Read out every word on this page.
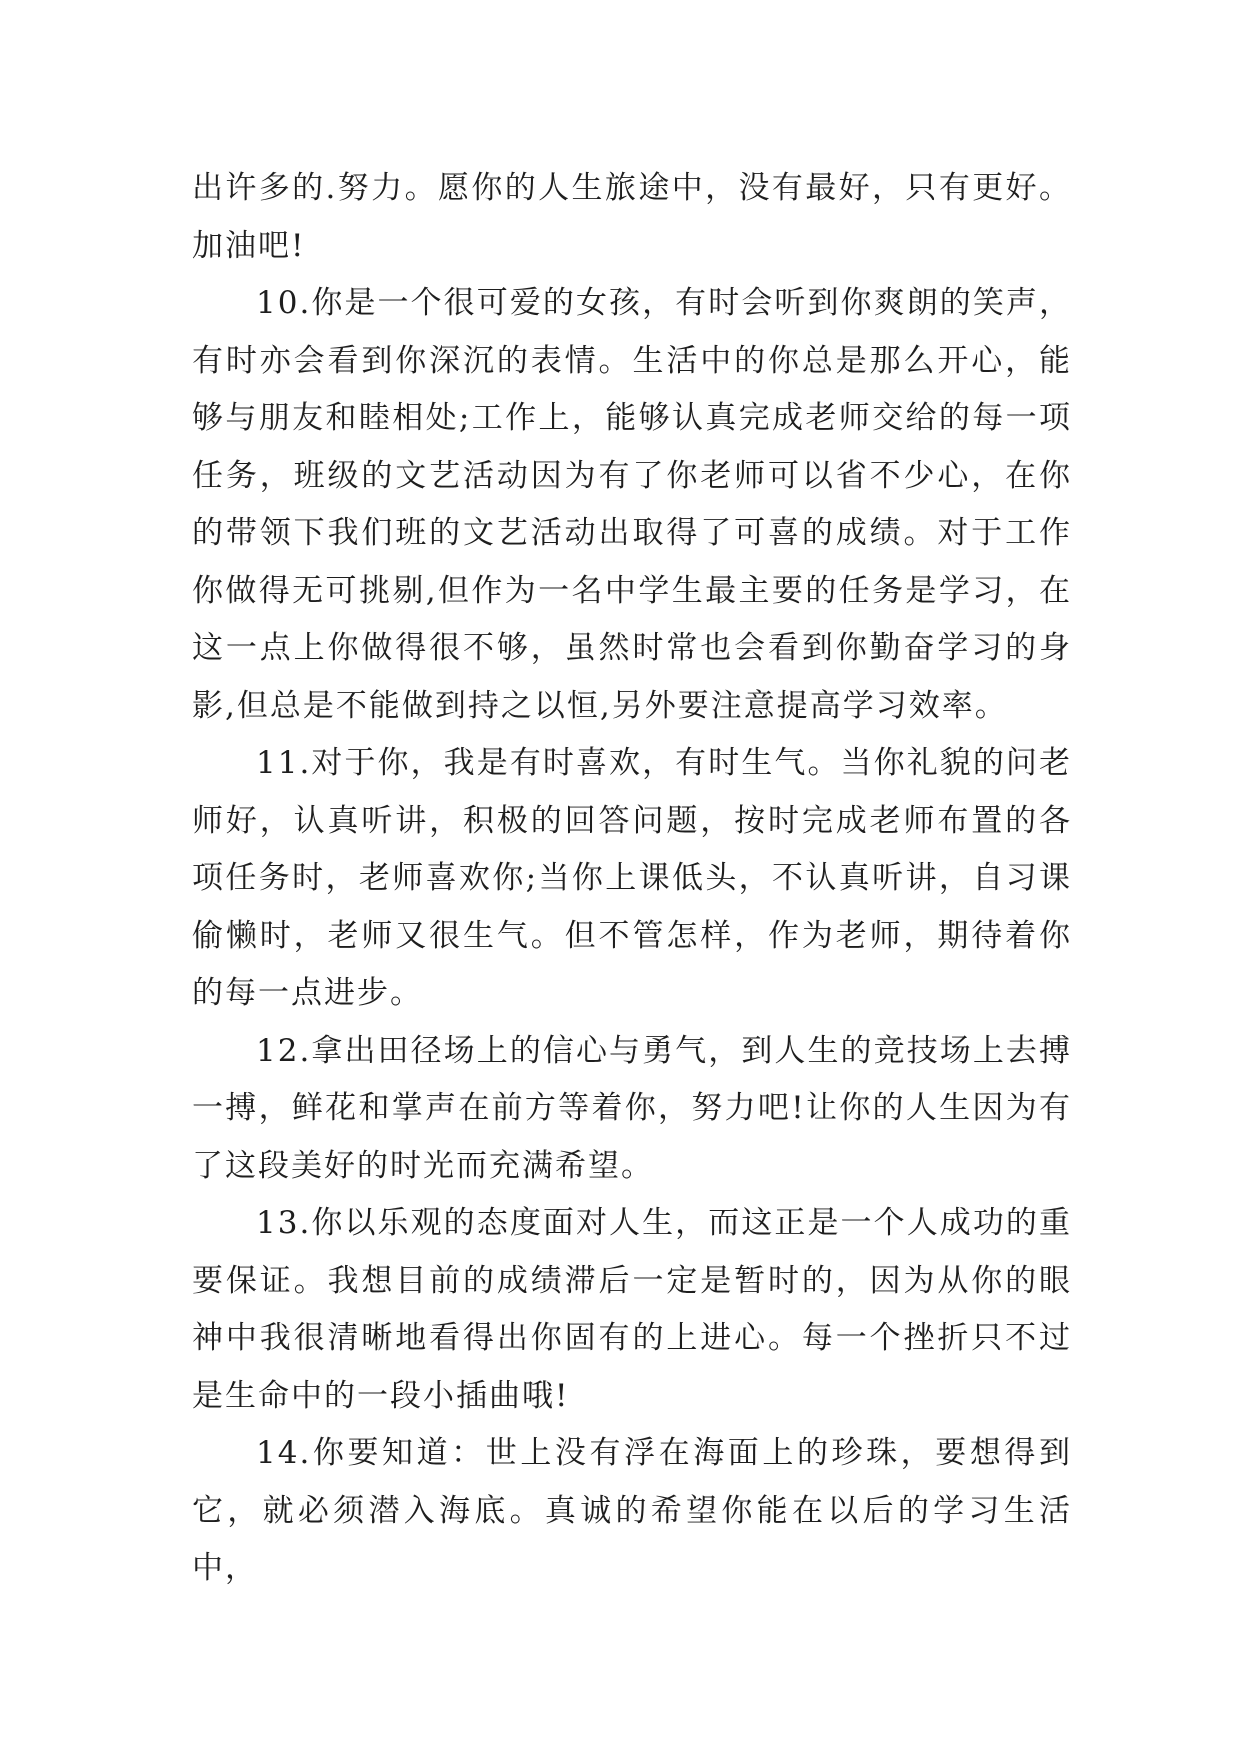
出许多的.努力。愿你的人生旅途中，没有最好，只有更好。加油吧!

10.你是一个很可爱的女孩，有时会听到你爽朗的笑声，有时亦会看到你深沉的表情。生活中的你总是那么开心，能够与朋友和睦相处;工作上，能够认真完成老师交给的每一项任务，班级的文艺活动因为有了你老师可以省不少心，在你的带领下我们班的文艺活动出取得了可喜的成绩。对于工作你做得无可挑剔,但作为一名中学生最主要的任务是学习，在这一点上你做得很不够，虽然时常也会看到你勤奋学习的身影,但总是不能做到持之以恒,另外要注意提高学习效率。

11.对于你，我是有时喜欢，有时生气。当你礼貌的问老师好，认真听讲，积极的回答问题，按时完成老师布置的各项任务时，老师喜欢你;当你上课低头，不认真听讲，自习课偷懒时，老师又很生气。但不管怎样，作为老师，期待着你的每一点进步。

12.拿出田径场上的信心与勇气，到人生的竞技场上去搏一搏，鲜花和掌声在前方等着你，努力吧!让你的人生因为有了这段美好的时光而充满希望。

13.你以乐观的态度面对人生，而这正是一个人成功的重要保证。我想目前的成绩滞后一定是暂时的，因为从你的眼神中我很清晰地看得出你固有的上进心。每一个挫折只不过是生命中的一段小插曲哦!

14.你要知道：世上没有浮在海面上的珍珠，要想得到它，就必须潜入海底。真诚的希望你能在以后的学习生活中，
